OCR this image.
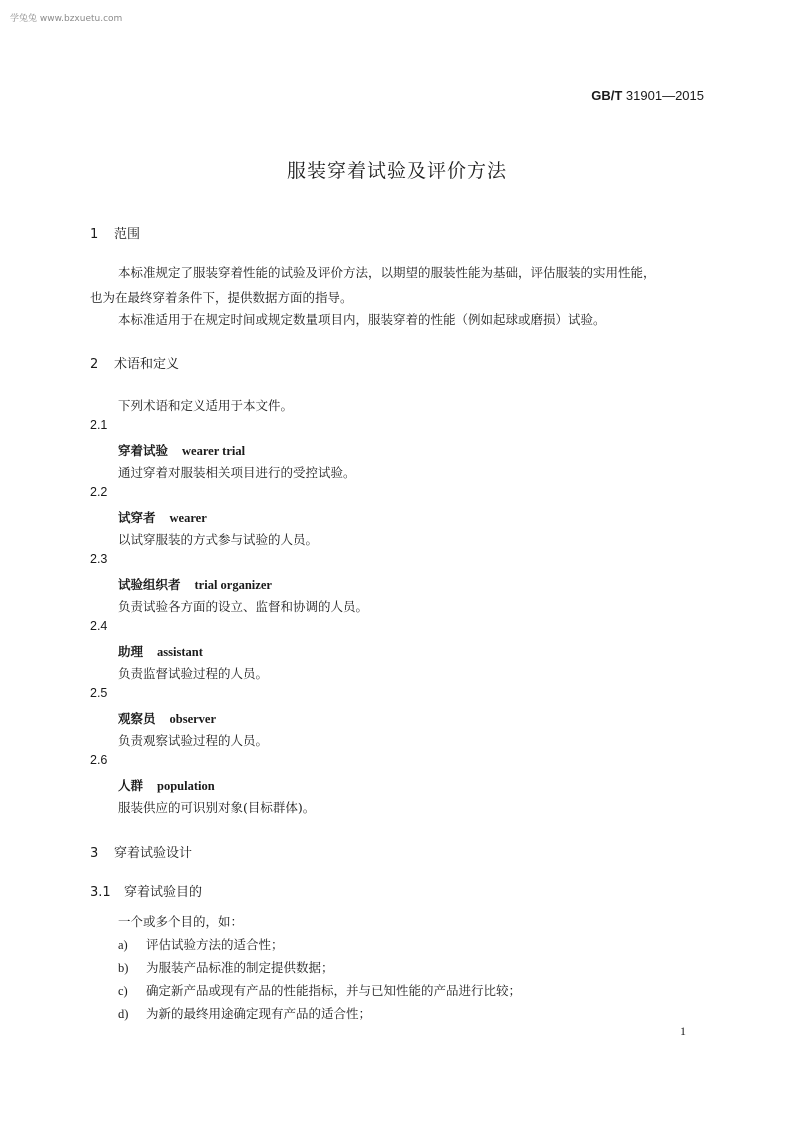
学兔兔 www.bzxuetu.com
GB/T 31901—2015
服装穿着试验及评价方法
1 范围
本标准规定了服装穿着性能的试验及评价方法，以期望的服装性能为基础，评估服装的实用性能，
也为在最终穿着条件下，提供数据方面的指导。
本标准适用于在规定时间或规定数量项目内，服装穿着的性能（例如起球或磨损）试验。
2 术语和定义
下列术语和定义适用于本文件。
2.1
穿着试验 wearer trial
通过穿着对服装相关项目进行的受控试验。
2.2
试穿者 wearer
以试穿服装的方式参与试验的人员。
2.3
试验组织者 trial organizer
负责试验各方面的设立、监督和协调的人员。
2.4
助理 assistant
负责监督试验过程的人员。
2.5
观察员 observer
负责观察试验过程的人员。
2.6
人群 population
服装供应的可识别对象(目标群体)。
3 穿着试验设计
3.1 穿着试验目的
一个或多个目的，如：
a) 评估试验方法的适合性；
b) 为服装产品标准的制定提供数据；
c) 确定新产品或现有产品的性能指标，并与已知性能的产品进行比较；
d) 为新的最终用途确定现有产品的适合性；
1
